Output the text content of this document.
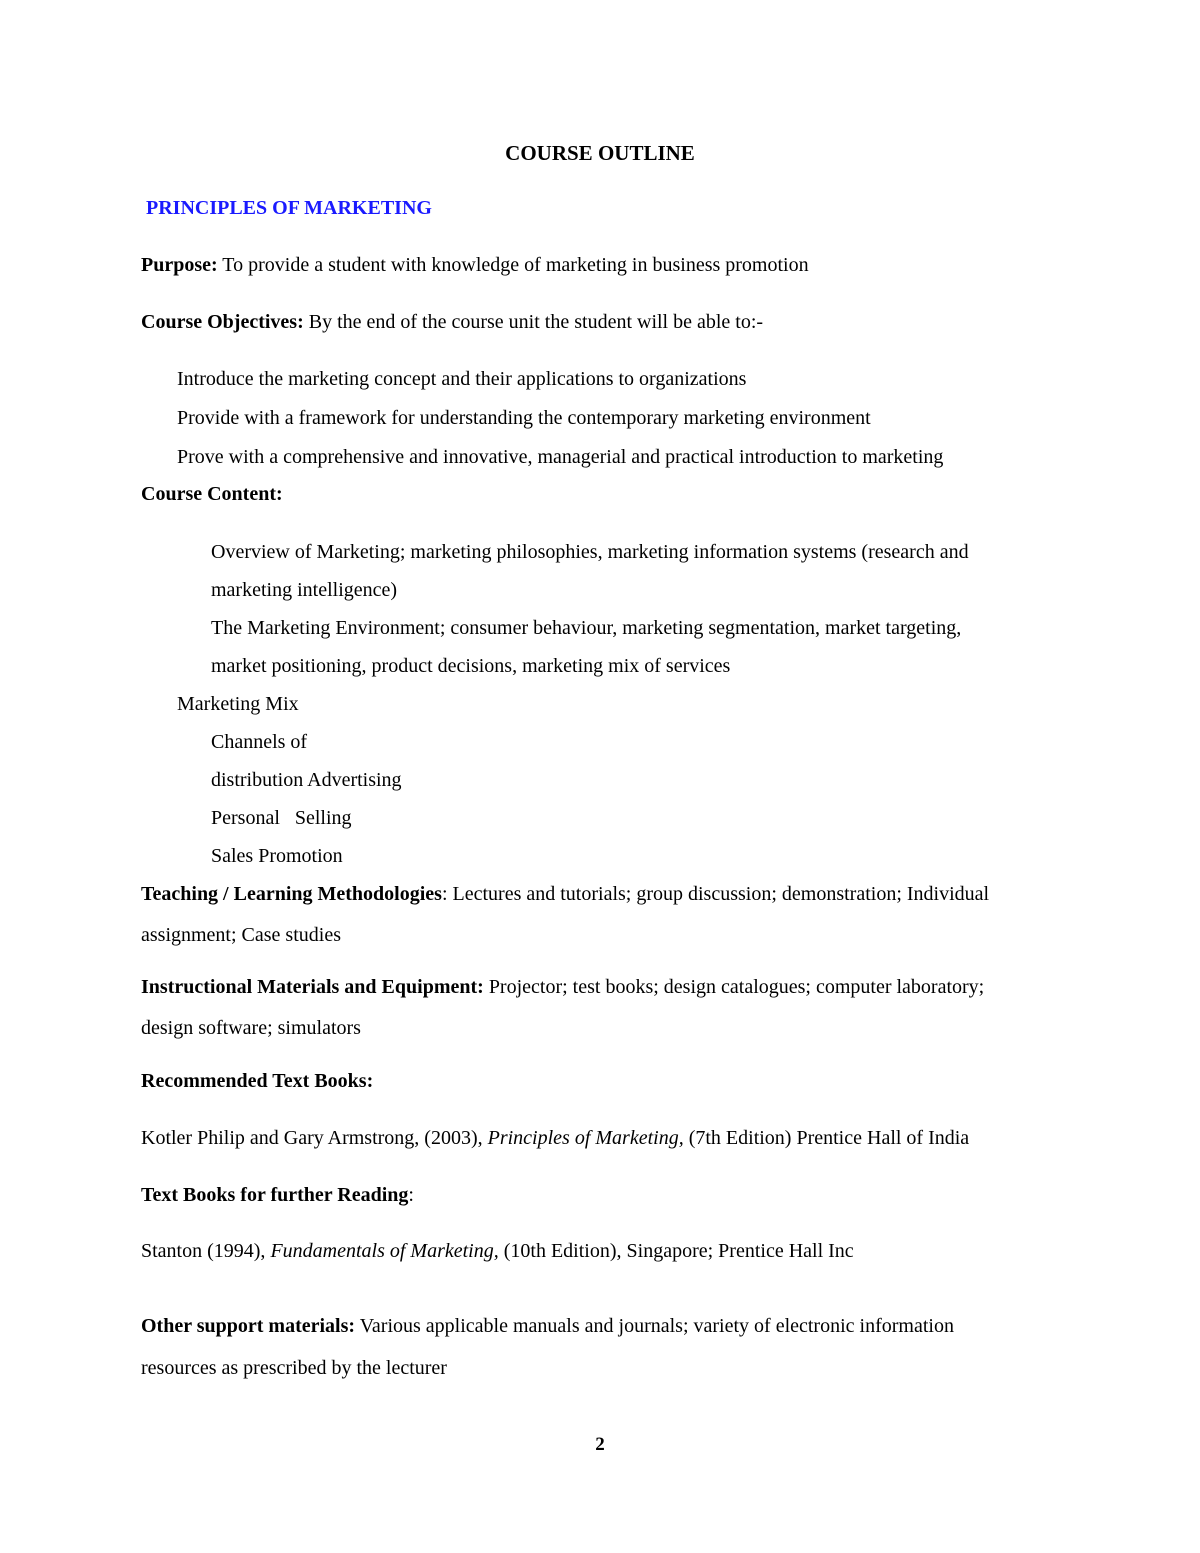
COURSE OUTLINE
PRINCIPLES OF MARKETING
Purpose: To provide a student with knowledge of marketing in business promotion
Course Objectives: By the end of the course unit the student will be able to:-
Introduce the marketing concept and their applications to organizations
Provide with a framework for understanding the contemporary marketing environment
Prove with a comprehensive and innovative, managerial and practical introduction to marketing
Course Content:
Overview of Marketing; marketing philosophies, marketing information systems (research and
marketing intelligence)
The Marketing Environment; consumer behaviour, marketing segmentation, market targeting,
market positioning, product decisions, marketing mix of services
Marketing Mix
Channels of
distribution Advertising
Personal   Selling
Sales Promotion
Teaching / Learning Methodologies: Lectures and tutorials; group discussion; demonstration; Individual
assignment; Case studies
Instructional Materials and Equipment: Projector; test books; design catalogues; computer laboratory;
design software; simulators
Recommended Text Books:
Kotler Philip and Gary Armstrong, (2003), Principles of Marketing, (7th Edition) Prentice Hall of India
Text Books for further Reading:
Stanton (1994), Fundamentals of Marketing, (10th Edition), Singapore; Prentice Hall Inc
Other support materials: Various applicable manuals and journals; variety of electronic information
resources as prescribed by the lecturer
2
